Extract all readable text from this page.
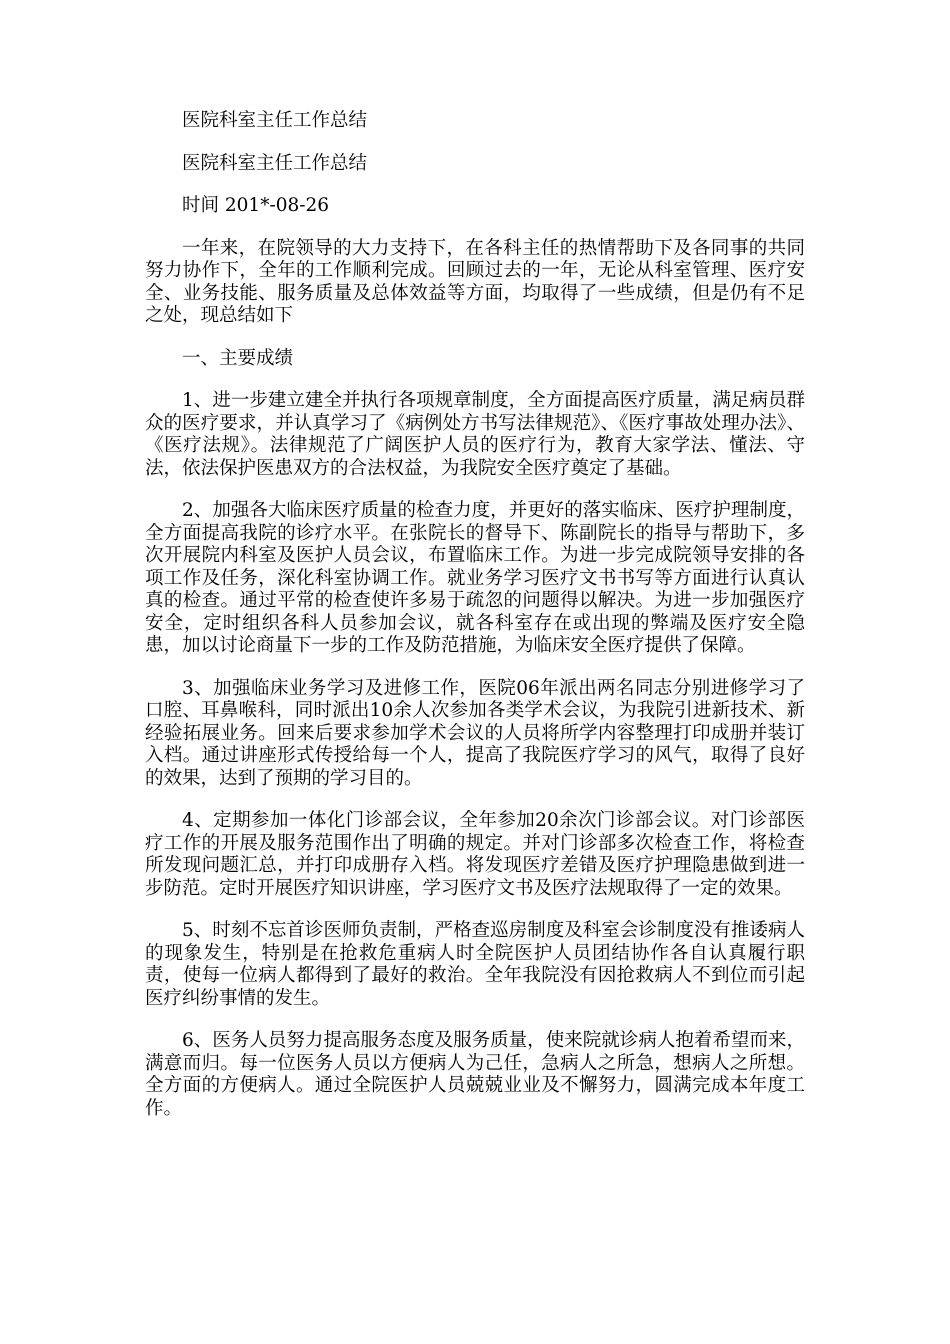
医院科室主任工作总结

医院科室主任工作总结

时间 201*-08-26

一年来，在院领导的大力支持下，在各科主任的热情帮助下及各同事的共同努力协作下，全年的工作顺利完成。回顾过去的一年，无论从科室管理、医疗安全、业务技能、服务质量及总体效益等方面，均取得了一些成绩，但是仍有不足之处，现总结如下

一、主要成绩

1、进一步建立建全并执行各项规章制度，全方面提高医疗质量，满足病员群众的医疗要求，并认真学习了《病例处方书写法律规范》、《医疗事故处理办法》、《医疗法规》。法律规范了广阔医护人员的医疗行为，教育大家学法、懂法、守法，依法保护医患双方的合法权益，为我院安全医疗奠定了基础。

2、加强各大临床医疗质量的检查力度，并更好的落实临床、医疗护理制度，全方面提高我院的诊疗水平。在张院长的督导下、陈副院长的指导与帮助下，多次开展院内科室及医护人员会议，布置临床工作。为进一步完成院领导安排的各项工作及任务，深化科室协调工作。就业务学习医疗文书书写等方面进行认真认真的检查。通过平常的检查使许多易于疏忽的问题得以解决。为进一步加强医疗安全，定时组织各科人员参加会议，就各科室存在或出现的弊端及医疗安全隐患，加以讨论商量下一步的工作及防范措施，为临床安全医疗提供了保障。

3、加强临床业务学习及进修工作，医院06年派出两名同志分别进修学习了口腔、耳鼻喉科，同时派出10余人次参加各类学术会议，为我院引进新技术、新经验拓展业务。回来后要求参加学术会议的人员将所学内容整理打印成册并装订入档。通过讲座形式传授给每一个人，提高了我院医疗学习的风气，取得了良好的效果，达到了预期的学习目的。

4、定期参加一体化门诊部会议，全年参加20余次门诊部会议。对门诊部医疗工作的开展及服务范围作出了明确的规定。并对门诊部多次检查工作，将检查所发现问题汇总，并打印成册存入档。将发现医疗差错及医疗护理隐患做到进一步防范。定时开展医疗知识讲座，学习医疗文书及医疗法规取得了一定的效果。

5、时刻不忘首诊医师负责制，严格查巡房制度及科室会诊制度没有推诿病人的现象发生，特别是在抢救危重病人时全院医护人员团结协作各自认真履行职责，使每一位病人都得到了最好的救治。全年我院没有因抢救病人不到位而引起医疗纠纷事情的发生。

6、医务人员努力提高服务态度及服务质量，使来院就诊病人抱着希望而来，满意而归。每一位医务人员以方便病人为己任，急病人之所急，想病人之所想。全方面的方便病人。通过全院医护人员兢兢业业及不懈努力，圆满完成本年度工作。
